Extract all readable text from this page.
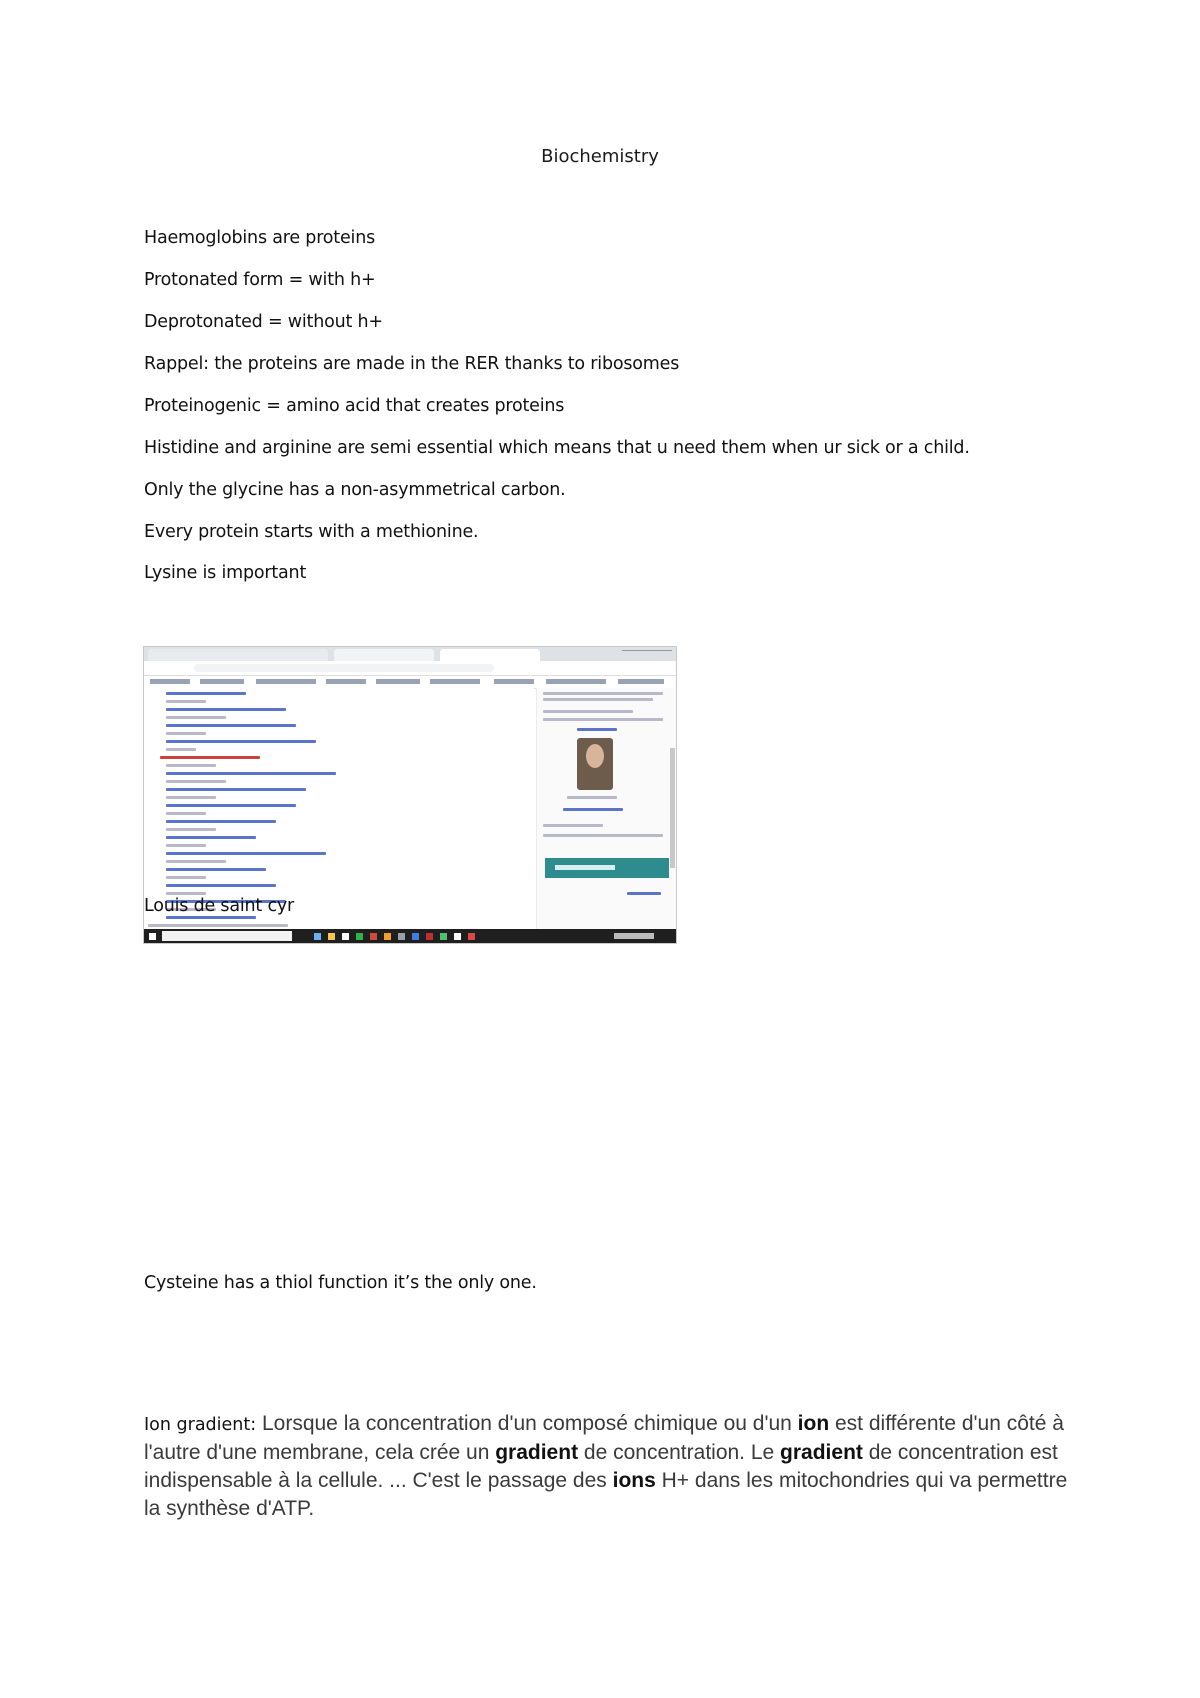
Biochemistry
Haemoglobins are proteins
Protonated form = with h+
Deprotonated = without h+
Rappel: the proteins are made in the RER thanks to ribosomes
Proteinogenic = amino acid that creates proteins
Histidine and arginine are semi essential which means that u need them when ur sick or a child.
Only the glycine has a non-asymmetrical carbon.
Every protein starts with a methionine.
Lysine is important
Louis de saint cyr
Cysteine has a thiol function it’s the only one.
Ion gradient: Lorsque la concentration d'un composé chimique ou d'un ion est différente d'un côté à l'autre d'une membrane, cela crée un gradient de concentration. Le gradient de concentration est indispensable à la cellule. ... C'est le passage des ions H+ dans les mitochondries qui va permettre la synthèse d'ATP.
